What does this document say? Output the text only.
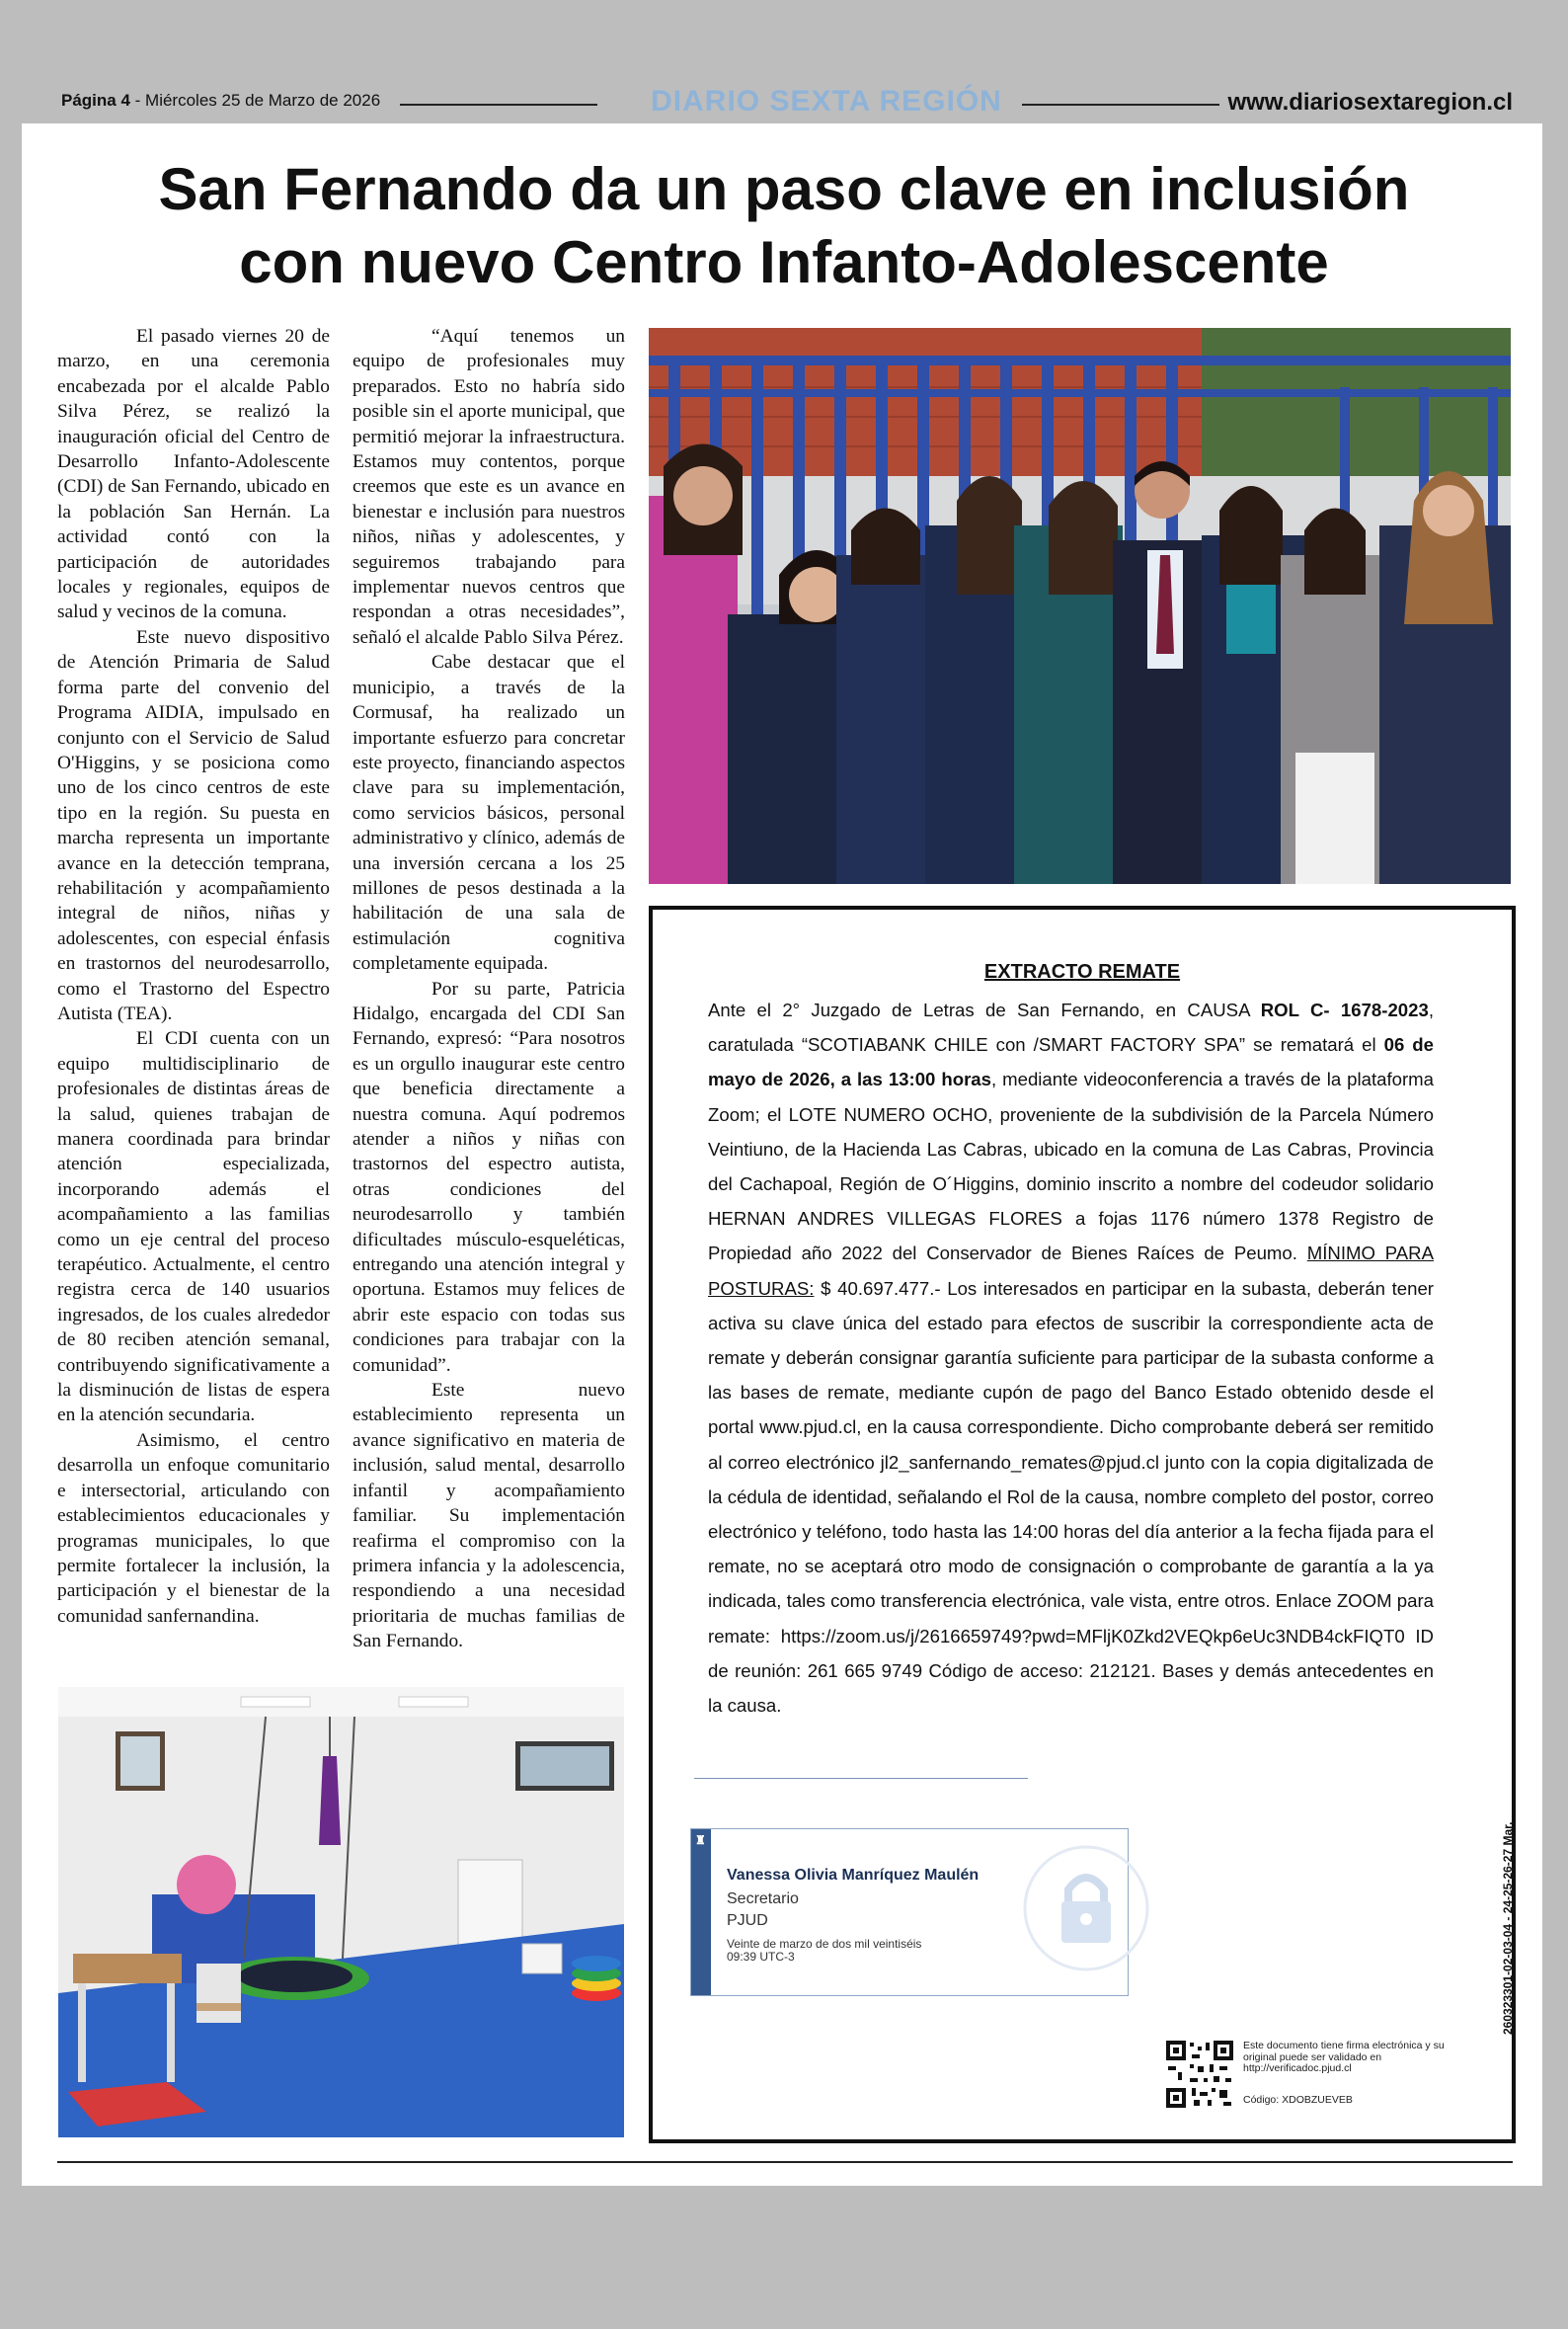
Página 4 - Miércoles 25 de Marzo de 2026	DIARIO SEXTA REGIÓN	www.diariosextaregion.cl
San Fernando da un paso clave en inclusión
con nuevo Centro Infanto-Adolescente

El pasado viernes 20 de marzo, en una ceremonia encabezada por el alcalde Pablo Silva Pérez, se realizó la inauguración oficial del Centro de Desarrollo Infanto-Adolescente (CDI) de San Fernando, ubicado en la población San Hernán. La actividad contó con la participación de autoridades locales y regionales, equipos de salud y vecinos de la comuna.

Este nuevo dispositivo de Atención Primaria de Salud forma parte del convenio del Programa AIDIA, impulsado en conjunto con el Servicio de Salud O'Higgins, y se posiciona como uno de los cinco centros de este tipo en la región. Su puesta en marcha representa un importante avance en la detección temprana, rehabilitación y acompañamiento integral de niños, niñas y adolescentes, con especial énfasis en trastornos del neurodesarrollo, como el Trastorno del Espectro Autista (TEA).

El CDI cuenta con un equipo multidisciplinario de profesionales de distintas áreas de la salud, quienes trabajan de manera coordinada para brindar atención especializada, incorporando además el acompañamiento a las familias como un eje central del proceso terapéutico. Actualmente, el centro registra cerca de 140 usuarios ingresados, de los cuales alrededor de 80 reciben atención semanal, contribuyendo significativamente a la disminución de listas de espera en la atención secundaria.

Asimismo, el centro desarrolla un enfoque comunitario e intersectorial, articulando con establecimientos educacionales y programas municipales, lo que permite fortalecer la inclusión, la participación y el bienestar de la comunidad sanfernandina.

“Aquí tenemos un equipo de profesionales muy preparados. Esto no habría sido posible sin el aporte municipal, que permitió mejorar la infraestructura. Estamos muy contentos, porque creemos que este es un avance en bienestar e inclusión para nuestros niños, niñas y adolescentes, y seguiremos trabajando para implementar nuevos centros que respondan a otras necesidades”, señaló el alcalde Pablo Silva Pérez.

Cabe destacar que el municipio, a través de la Cormusaf, ha realizado un importante esfuerzo para concretar este proyecto, financiando aspectos clave para su implementación, como servicios básicos, personal administrativo y clínico, además de una inversión cercana a los 25 millones de pesos destinada a la habilitación de una sala de estimulación cognitiva completamente equipada.

Por su parte, Patricia Hidalgo, encargada del CDI San Fernando, expresó: “Para nosotros es un orgullo inaugurar este centro que beneficia directamente a nuestra comuna. Aquí podremos atender a niños y niñas con trastornos del espectro autista, otras condiciones del neurodesarrollo y también dificultades músculo-esqueléticas, entregando una atención integral y oportuna. Estamos muy felices de abrir este espacio con todas sus condiciones para trabajar con la comunidad”.

Este nuevo establecimiento representa un avance significativo en materia de inclusión, salud mental, desarrollo infantil y acompañamiento familiar. Su implementación reafirma el compromiso con la primera infancia y la adolescencia, respondiendo a una necesidad prioritaria de muchas familias de San Fernando.

EXTRACTO REMATE
Ante el 2° Juzgado de Letras de San Fernando, en CAUSA ROL C- 1678-2023, caratulada “SCOTIABANK CHILE con /SMART FACTORY SPA” se rematará el 06 de mayo de 2026, a las 13:00 horas, mediante videoconferencia a través de la plataforma Zoom; el LOTE NUMERO OCHO, proveniente de la subdivisión de la Parcela Número Veintiuno, de la Hacienda Las Cabras, ubicado en la comuna de Las Cabras, Provincia del Cachapoal, Región de O´Higgins, dominio inscrito a nombre del codeudor solidario HERNAN ANDRES VILLEGAS FLORES a fojas 1176 número 1378 Registro de Propiedad año 2022 del Conservador de Bienes Raíces de Peumo. MÍNIMO PARA POSTURAS: $ 40.697.477.- Los interesados en participar en la subasta, deberán tener activa su clave única del estado para efectos de suscribir la correspondiente acta de remate y deberán consignar garantía suficiente para participar de la subasta conforme a las bases de remate, mediante cupón de pago del Banco Estado obtenido desde el portal www.pjud.cl, en la causa correspondiente. Dicho comprobante deberá ser remitido al correo electrónico jl2_sanfernando_remates@pjud.cl junto con la copia digitalizada de la cédula de identidad, señalando el Rol de la causa, nombre completo del postor, correo electrónico y teléfono, todo hasta las 14:00 horas del día anterior a la fecha fijada para el remate, no se aceptará otro modo de consignación o comprobante de garantía a la ya indicada, tales como transferencia electrónica, vale vista, entre otros. Enlace ZOOM para remate: https://zoom.us/j/2616659749?pwd=MFljK0Zkd2VEQkp6eUc3NDB4ckFIQT0 ID de reunión: 261 665 9749 Código de acceso: 212121. Bases y demás antecedentes en la causa.
♜
Vanessa Olivia Manríquez Maulén
Secretario
PJUD
Veinte de marzo de dos mil veintiséis
09:39 UTC-3
Este documento tiene firma electrónica y su original puede ser validado en http://verificadoc.pjud.cl
Código: XDOBZUEVEB
260323301-02-03-04 - 24-25-26-27 Mar.
